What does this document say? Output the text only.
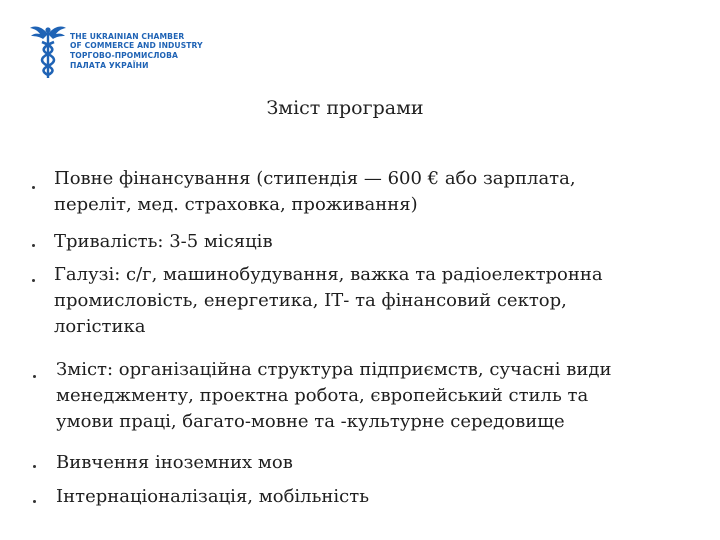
THE UKRAINIAN CHAMBER
OF COMMERCE AND INDUSTRY
ТОРГОВО-ПРОМИСЛОВА
ПАЛАТА УКРАЇНИ
Зміст програми
Повне фінансування (стипендія — 600 € або зарплата,
переліт, мед. страховка, проживання)
Тривалість: 3-5 місяців
Галузі: с/г, машинобудування, важка та радіоелектронна
промисловість, енергетика, ІТ- та фінансовий сектор,
логістика
Зміст: організаційна структура підприємств, сучасні види
менеджменту, проектна робота, європейський стиль та
умови праці, багато-мовне та -культурне середовище
Вивчення іноземних мов
Інтернаціоналізація, мобільність
